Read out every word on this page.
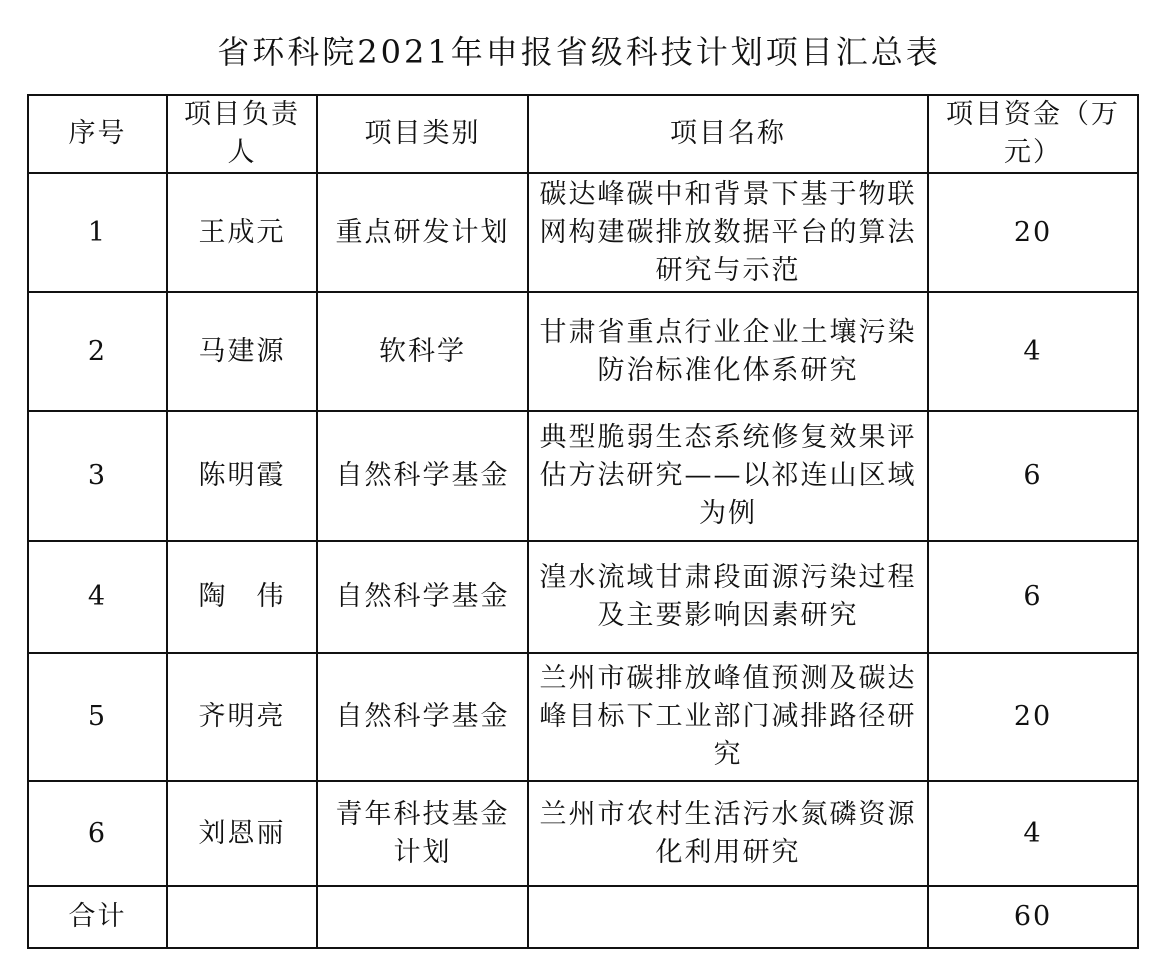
省环科院2021年申报省级科技计划项目汇总表
序号	项目负责人	项目类别	项目名称	项目资金（万元）
1	王成元	重点研发计划	碳达峰碳中和背景下基于物联网构建碳排放数据平台的算法研究与示范	20
2	马建源	软科学	甘肃省重点行业企业土壤污染防治标准化体系研究	4
3	陈明霞	自然科学基金	典型脆弱生态系统修复效果评估方法研究——以祁连山区域为例	6
4	陶　伟	自然科学基金	湟水流域甘肃段面源污染过程及主要影响因素研究	6
5	齐明亮	自然科学基金	兰州市碳排放峰值预测及碳达峰目标下工业部门减排路径研究	20
6	刘恩丽	青年科技基金计划	兰州市农村生活污水氮磷资源化利用研究	4
合计				60
